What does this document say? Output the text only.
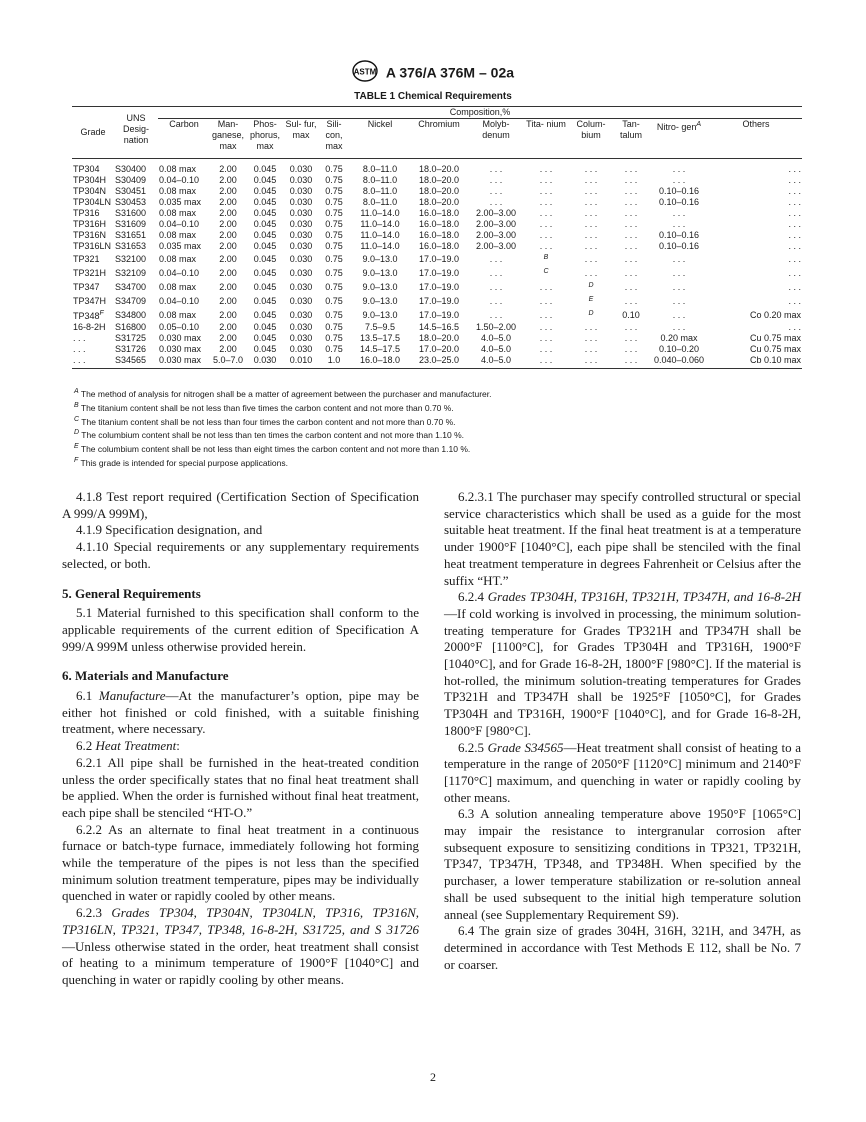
ASTM A 376/A 376M – 02a
TABLE 1 Chemical Requirements
Grade	UNS Desig- nation	Composition,%												
		Carbon	Man- ganese, max	Phos- phorus, max	Sul- fur, max	Sili- con, max	Nickel	Chromium	Molyb- denum	Tita- nium	Colum- bium	Tan- talum	Nitro- gen$^A$	Others
TP304	S30400	0.08 max	2.00	0.045	0.030	0.75	8.0–11.0	18.0–20.0	. . .	. . .	. . .	. . .	. . .	. . .
TP304H	S30409	0.04–0.10	2.00	0.045	0.030	0.75	8.0–11.0	18.0–20.0	. . .	. . .	. . .	. . .	. . .	. . .
TP304N	S30451	0.08 max	2.00	0.045	0.030	0.75	8.0–11.0	18.0–20.0	. . .	. . .	. . .	. . .	0.10–0.16	. . .
TP304LN	S30453	0.035 max	2.00	0.045	0.030	0.75	8.0–11.0	18.0–20.0	. . .	. . .	. . .	. . .	0.10–0.16	. . .
TP316	S31600	0.08 max	2.00	0.045	0.030	0.75	11.0–14.0	16.0–18.0	2.00–3.00	. . .	. . .	. . .	. . .	. . .
TP316H	S31609	0.04–0.10	2.00	0.045	0.030	0.75	11.0–14.0	16.0–18.0	2.00–3.00	. . .	. . .	. . .	. . .	. . .
TP316N	S31651	0.08 max	2.00	0.045	0.030	0.75	11.0–14.0	16.0–18.0	2.00–3.00	. . .	. . .	. . .	0.10–0.16	. . .
TP316LN	S31653	0.035 max	2.00	0.045	0.030	0.75	11.0–14.0	16.0–18.0	2.00–3.00	. . .	. . .	. . .	0.10–0.16	. . .
TP321	S32100	0.08 max	2.00	0.045	0.030	0.75	9.0–13.0	17.0–19.0	. . .	$^B$	. . .	. . .	. . .	. . .
TP321H	S32109	0.04–0.10	2.00	0.045	0.030	0.75	9.0–13.0	17.0–19.0	. . .	$^C$	. . .	. . .	. . .	. . .
TP347	S34700	0.08 max	2.00	0.045	0.030	0.75	9.0–13.0	17.0–19.0	. . .	. . .	$^D$	. . .	. . .	. . .
TP347H	S34709	0.04–0.10	2.00	0.045	0.030	0.75	9.0–13.0	17.0–19.0	. . .	. . .	$^E$	. . .	. . .	. . .
$TP348^F$	S34800	0.08 max	2.00	0.045	0.030	0.75	9.0–13.0	17.0–19.0	. . .	. . .	$^D$	0.10	. . .	Co 0.20 max
16-8-2H	S16800	0.05–0.10	2.00	0.045	0.030	0.75	7.5–9.5	14.5–16.5	1.50–2.00	. . .	. . .	. . .	. . .	. . .
. . .	S31725	0.030 max	2.00	0.045	0.030	0.75	13.5–17.5	18.0–20.0	4.0–5.0	. . .	. . .	. . .	0.20 max	Cu 0.75 max
. . .	S31726	0.030 max	2.00	0.045	0.030	0.75	14.5–17.5	17.0–20.0	4.0–5.0	. . .	. . .	. . .	0.10–0.20	Cu 0.75 max
. . .	S34565	0.030 max	5.0–7.0	0.030	0.010	1.0	16.0–18.0	23.0–25.0	4.0–5.0	. . .	. . .	. . .	0.040–0.060	Cb 0.10 max
$^A$ The method of analysis for nitrogen shall be a matter of agreement between the purchaser and manufacturer.
$^B$ The titanium content shall be not less than five times the carbon content and not more than 0.70 %.
$^C$ The titanium content shall be not less than four times the carbon content and not more than 0.70 %.
$^D$ The columbium content shall be not less than ten times the carbon content and not more than 1.10 %.
$^E$ The columbium content shall be not less than eight times the carbon content and not more than 1.10 %.
$^F$ This grade is intended for special purpose applications.

4.1.8 Test report required (Certification Section of Specification A 999/A 999M),

4.1.9 Specification designation, and

4.1.10 Special requirements or any supplementary requirements selected, or both.

5. General Requirements

5.1 Material furnished to this specification shall conform to the applicable requirements of the current edition of Specification A 999/A 999M unless otherwise provided herein.

6. Materials and Manufacture

6.1 Manufacture—At the manufacturer’s option, pipe may be either hot finished or cold finished, with a suitable finishing treatment, where necessary.

6.2 Heat Treatment:

6.2.1 All pipe shall be furnished in the heat-treated condition unless the order specifically states that no final heat treatment shall be applied. When the order is furnished without final heat treatment, each pipe shall be stenciled “HT-O.”

6.2.2 As an alternate to final heat treatment in a continuous furnace or batch-type furnace, immediately following hot forming while the temperature of the pipes is not less than the specified minimum solution treatment temperature, pipes may be individually quenched in water or rapidly cooled by other means.

6.2.3 Grades TP304, TP304N, TP304LN, TP316, TP316N, TP316LN, TP321, TP347, TP348, 16-8-2H, S31725, and S 31726 —Unless otherwise stated in the order, heat treatment shall consist of heating to a minimum temperature of 1900°F [1040°C] and quenching in water or rapidly cooling by other means.

6.2.3.1 The purchaser may specify controlled structural or special service characteristics which shall be used as a guide for the most suitable heat treatment. If the final heat treatment is at a temperature under 1900°F [1040°C], each pipe shall be stenciled with the final heat treatment temperature in degrees Fahrenheit or Celsius after the suffix “HT.”

6.2.4 Grades TP304H, TP316H, TP321H, TP347H, and 16-8-2H—If cold working is involved in processing, the minimum solution-treating temperature for Grades TP321H and TP347H shall be 2000°F [1100°C], for Grades TP304H and TP316H, 1900°F [1040°C], and for Grade 16-8-2H, 1800°F [980°C]. If the material is hot-rolled, the minimum solution-treating temperatures for Grades TP321H and TP347H shall be 1925°F [1050°C], for Grades TP304H and TP316H, 1900°F [1040°C], and for Grade 16-8-2H, 1800°F [980°C].

6.2.5 Grade S34565—Heat treatment shall consist of heating to a temperature in the range of 2050°F [1120°C] minimum and 2140°F [1170°C] maximum, and quenching in water or rapidly cooling by other means.

6.3 A solution annealing temperature above 1950°F [1065°C] may impair the resistance to intergranular corrosion after subsequent exposure to sensitizing conditions in TP321, TP321H, TP347, TP347H, TP348, and TP348H. When specified by the purchaser, a lower temperature stabilization or re-solution anneal shall be used subsequent to the initial high temperature solution anneal (see Supplementary Requirement S9).

6.4 The grain size of grades 304H, 316H, 321H, and 347H, as determined in accordance with Test Methods E 112, shall be No. 7 or coarser.

2
